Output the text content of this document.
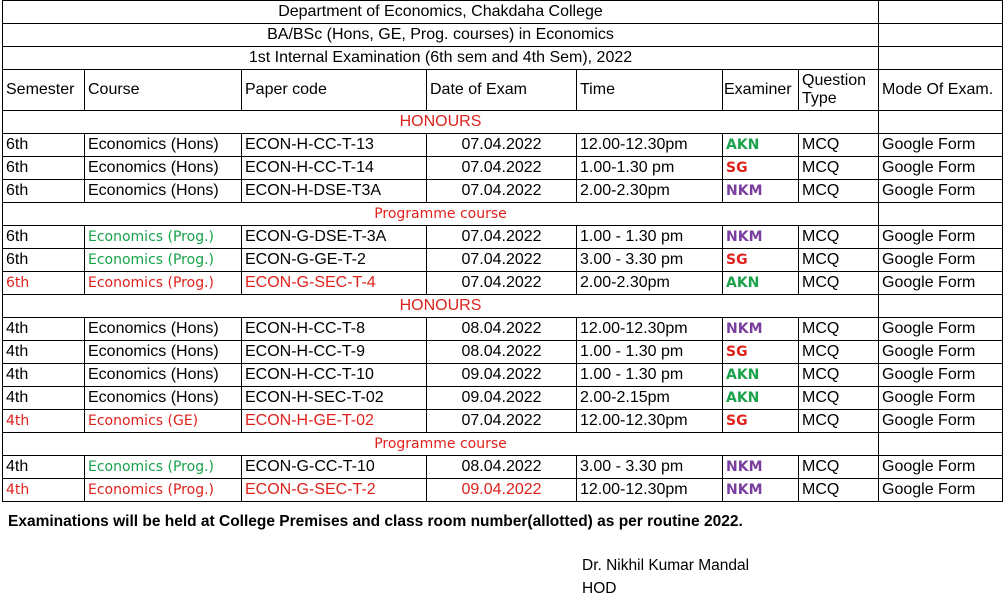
Department of Economics, Chakdaha College							
BA/BSc (Hons, GE, Prog. courses) in Economics							
1st Internal Examination (6th sem and 4th Sem), 2022							
Semester	Course	Paper code	Date of Exam	Time	Examiner	Question Type	Mode Of Exam.
HONOURS							
6th	Economics (Hons)	ECON-H-CC-T-13	07.04.2022	12.00-12.30pm	AKN	MCQ	Google Form
6th	Economics (Hons)	ECON-H-CC-T-14	07.04.2022	1.00-1.30 pm	SG	MCQ	Google Form
6th	Economics (Hons)	ECON-H-DSE-T3A	07.04.2022	2.00-2.30pm	NKM	MCQ	Google Form
Programme course							
6th	Economics (Prog.)	ECON-G-DSE-T-3A	07.04.2022	1.00 - 1.30 pm	NKM	MCQ	Google Form
6th	Economics (Prog.)	ECON-G-GE-T-2	07.04.2022	3.00 - 3.30 pm	SG	MCQ	Google Form
6th	Economics (Prog.)	ECON-G-SEC-T-4	07.04.2022	2.00-2.30pm	AKN	MCQ	Google Form
HONOURS							
4th	Economics (Hons)	ECON-H-CC-T-8	08.04.2022	12.00-12.30pm	NKM	MCQ	Google Form
4th	Economics (Hons)	ECON-H-CC-T-9	08.04.2022	1.00 - 1.30 pm	SG	MCQ	Google Form
4th	Economics (Hons)	ECON-H-CC-T-10	09.04.2022	1.00 - 1.30 pm	AKN	MCQ	Google Form
4th	Economics (Hons)	ECON-H-SEC-T-02	09.04.2022	2.00-2.15pm	AKN	MCQ	Google Form
4th	Economics (GE)	ECON-H-GE-T-02	07.04.2022	12.00-12.30pm	SG	MCQ	Google Form
Programme course							
4th	Economics (Prog.)	ECON-G-CC-T-10	08.04.2022	3.00 - 3.30 pm	NKM	MCQ	Google Form
4th	Economics (Prog.)	ECON-G-SEC-T-2	09.04.2022	12.00-12.30pm	NKM	MCQ	Google Form
Examinations will be held at College Premises and class room number(allotted) as per routine 2022.
Dr. Nikhil Kumar Mandal
HOD
